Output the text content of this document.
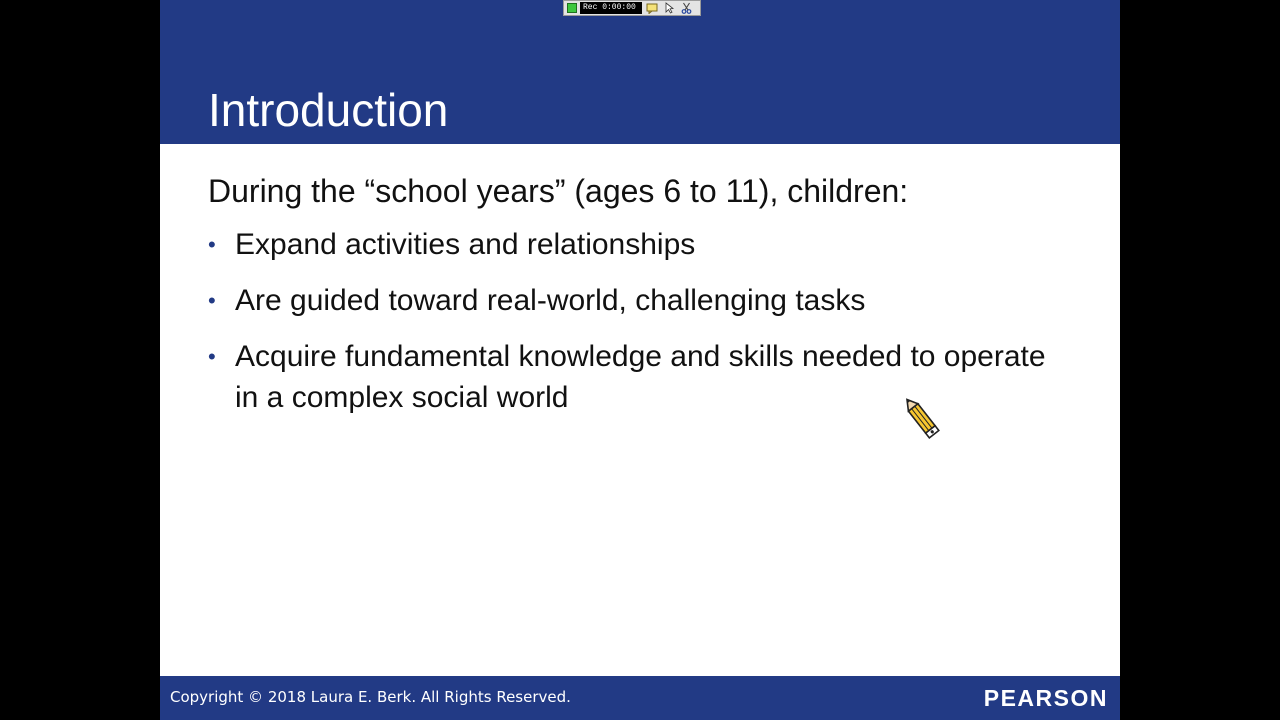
Introduction
Rec 0:00:00

During the “school years” (ages 6 to 11), children:

• Expand activities and relationships
• Are guided toward real-world, challenging tasks
• Acquire fundamental knowledge and skills needed to operate in a complex social world
Copyright © 2018 Laura E. Berk. All Rights Reserved.	PEARSON
